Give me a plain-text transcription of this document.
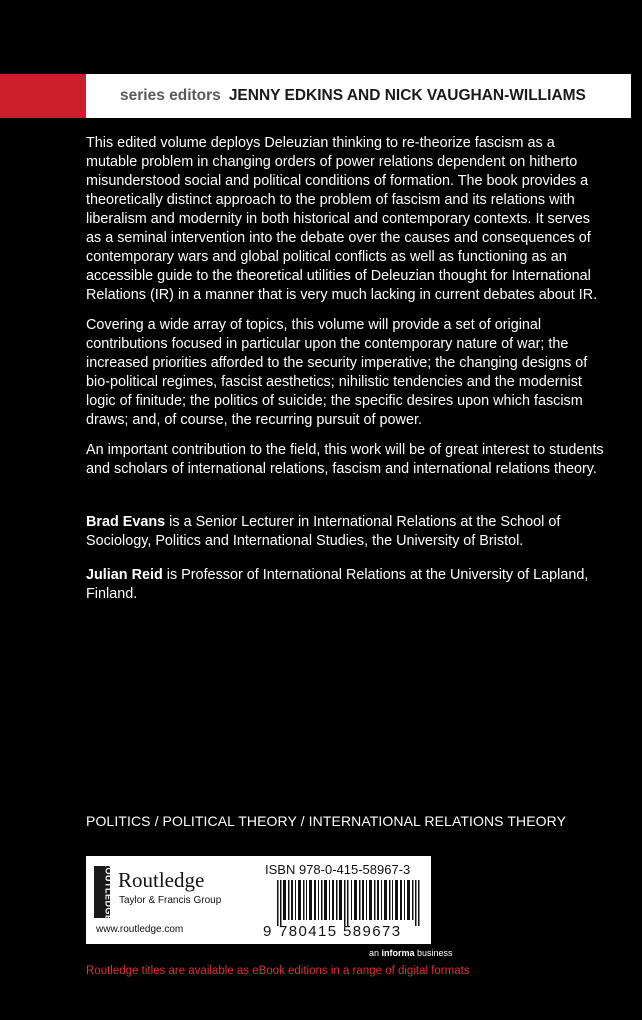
series editors JENNY EDKINS AND NICK VAUGHAN-WILLIAMS

This edited volume deploys Deleuzian thinking to re-theorize fascism as a mutable problem in changing orders of power relations dependent on hitherto misunderstood social and political conditions of formation. The book provides a theoretically distinct approach to the problem of fascism and its relations with liberalism and modernity in both historical and contemporary contexts. It serves as a seminal intervention into the debate over the causes and consequences of contemporary wars and global political conflicts as well as functioning as an accessible guide to the theoretical utilities of Deleuzian thought for International Relations (IR) in a manner that is very much lacking in current debates about IR.

Covering a wide array of topics, this volume will provide a set of original contributions focused in particular upon the contemporary nature of war; the increased priorities afforded to the security imperative; the changing designs of bio-political regimes, fascist aesthetics; nihilistic tendencies and the modernist logic of finitude; the politics of suicide; the specific desires upon which fascism draws; and, of course, the recurring pursuit of power.

An important contribution to the field, this work will be of great interest to students and scholars of international relations, fascism and international relations theory.

Brad Evans is a Senior Lecturer in International Relations at the School of Sociology, Politics and International Studies, the University of Bristol.

Julian Reid is Professor of International Relations at the University of Lapland, Finland.

POLITICS / POLITICAL THEORY / INTERNATIONAL RELATIONS THEORY
ROUTLEDGE Routledge
Taylor & Francis Group
www.routledge.com
ISBN 978-0-415-58967-3
9 780415 589673
an informa business
Routledge titles are available as eBook editions in a range of digital formats
